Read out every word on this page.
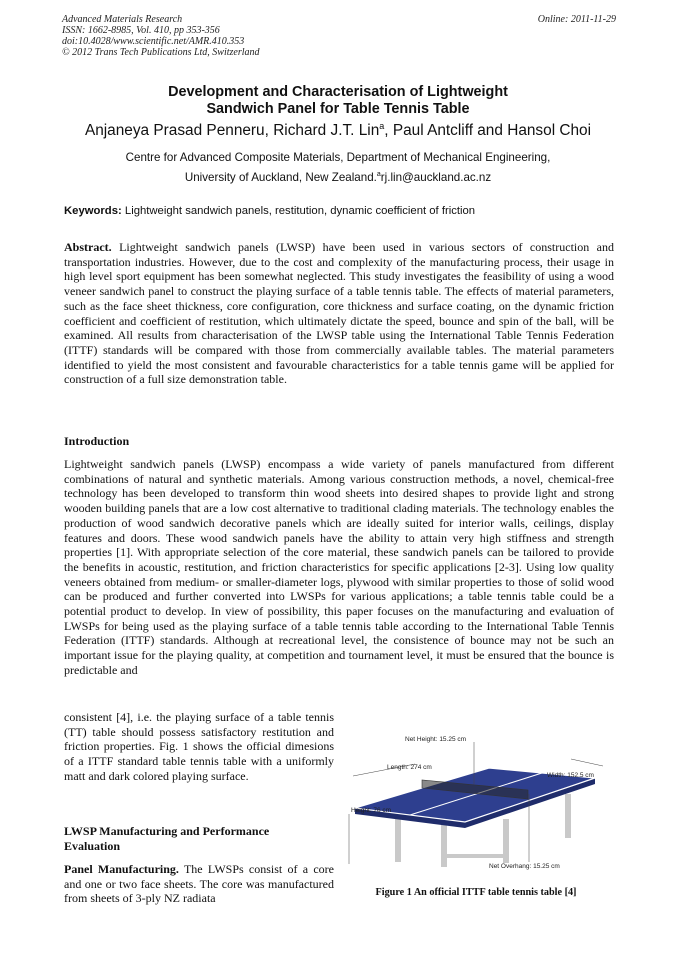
Advanced Materials Research
ISSN: 1662-8985, Vol. 410, pp 353-356
doi:10.4028/www.scientific.net/AMR.410.353
© 2012 Trans Tech Publications Ltd, Switzerland
Online: 2011-11-29
Development and Characterisation of Lightweight
Sandwich Panel for Table Tennis Table
Anjaneya Prasad Penneru, Richard J.T. Lin$^a$, Paul Antcliff and Hansol Choi
Centre for Advanced Composite Materials, Department of Mechanical Engineering,
University of Auckland, New Zealand.$^a$rj.lin@auckland.ac.nz
Keywords: Lightweight sandwich panels, restitution, dynamic coefficient of friction

Abstract. Lightweight sandwich panels (LWSP) have been used in various sectors of construction and transportation industries. However, due to the cost and complexity of the manufacturing process, their usage in high level sport equipment has been somewhat neglected. This study investigates the feasibility of using a wood veneer sandwich panel to construct the playing surface of a table tennis table. The effects of material parameters, such as the face sheet thickness, core configuration, core thickness and surface coating, on the dynamic friction coefficient and coefficient of restitution, which ultimately dictate the speed, bounce and spin of the ball, will be examined. All results from characterisation of the LWSP table using the International Table Tennis Federation (ITTF) standards will be compared with those from commercially available tables. The material parameters identified to yield the most consistent and favourable characteristics for a table tennis game will be applied for construction of a full size demonstration table.

Introduction

Lightweight sandwich panels (LWSP) encompass a wide variety of panels manufactured from different combinations of natural and synthetic materials. Among various construction methods, a novel, chemical-free technology has been developed to transform thin wood sheets into desired shapes to provide light and strong wooden building panels that are a low cost alternative to traditional clading materials. The technology enables the production of wood sandwich decorative panels which are ideally suited for interior walls, ceilings, display features and doors. These wood sandwich panels have the ability to attain very high stiffness and strength properties [1]. With appropriate selection of the core material, these sandwich panels can be tailored to provide the benefits in acoustic, restitution, and friction characteristics for specific applications [2-3]. Using low quality veneers obtained from medium- or smaller-diameter logs, plywood with similar properties to those of solid wood can be produced and further converted into LWSPs for various applications; a table tennis table could be a potential product to develop. In view of possibility, this paper focuses on the manufacturing and evaluation of LWSPs for being used as the playing surface of a table tennis table according to the International Table Tennis Federation (ITTF) standards. Although at recreational level, the consistence of bounce may not be such an important issue for the playing quality, at competition and tournament level, it must be ensured that the bounce is predictable and

consistent [4], i.e. the playing surface of a table tennis (TT) table should possess satisfactory restitution and friction properties. Fig. 1 shows the official dimesions of a ITTF standard table tennis table with a uniformly matt and dark colored playing surface.

LWSP Manufacturing and Performance
Evaluation

Panel Manufacturing. The LWSPs consist of a core and one or two face sheets. The core was manufactured from sheets of 3-ply NZ radiata

Net Height: 15.25 cm
Length: 274 cm
Width: 152.5 cm
Height: 76 cm
Net Overhang: 15.25 cm
Figure 1 An official ITTF table tennis table [4]
